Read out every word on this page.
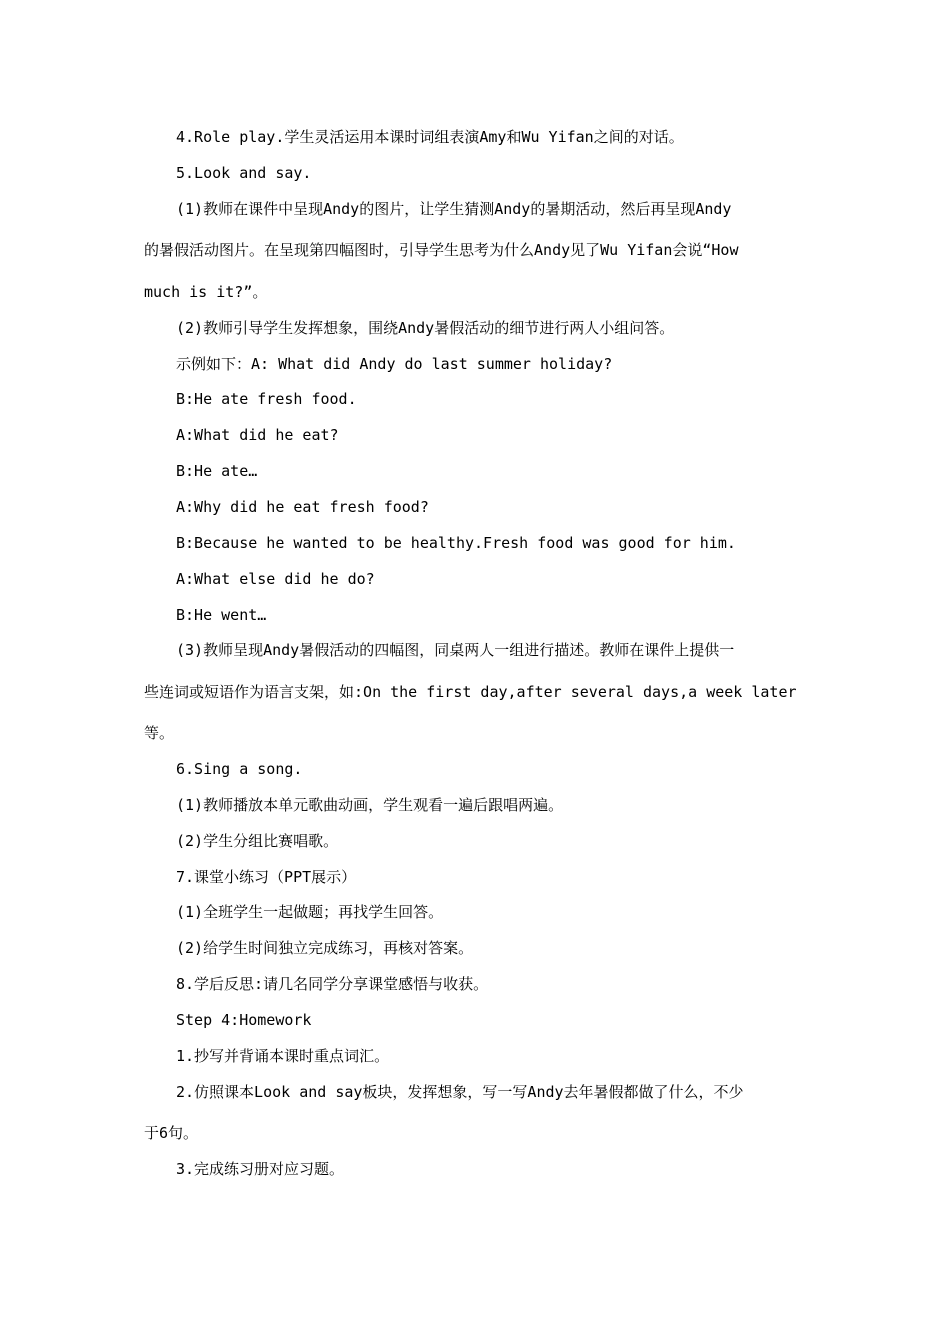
4.Role play.学生灵活运用本课时词组表演Amy和Wu Yifan之间的对话。

5.Look and say.

(1)教师在课件中呈现Andy的图片，让学生猜测Andy的暑期活动，然后再呈现Andy

的暑假活动图片。在呈现第四幅图时，引导学生思考为什么Andy见了Wu Yifan会说“How

much is it?”。

(2)教师引导学生发挥想象，围绕Andy暑假活动的细节进行两人小组问答。

示例如下：A: What did Andy do last summer holiday?

B:He ate fresh food.

A:What did he eat?

B:He ate…

A:Why did he eat fresh food?

B:Because he wanted to be healthy.Fresh food was good for him.

A:What else did he do?

B:He went…

(3)教师呈现Andy暑假活动的四幅图，同桌两人一组进行描述。教师在课件上提供一

些连词或短语作为语言支架，如:On the first day,after several days,a week later

等。

6.Sing a song.

(1)教师播放本单元歌曲动画，学生观看一遍后跟唱两遍。

(2)学生分组比赛唱歌。

7.课堂小练习（PPT展示）

(1)全班学生一起做题；再找学生回答。

(2)给学生时间独立完成练习，再核对答案。

8.学后反思:请几名同学分享课堂感悟与收获。

Step 4:Homework

1.抄写并背诵本课时重点词汇。

2.仿照课本Look and say板块，发挥想象，写一写Andy去年暑假都做了什么，不少

于6句。

3.完成练习册对应习题。
